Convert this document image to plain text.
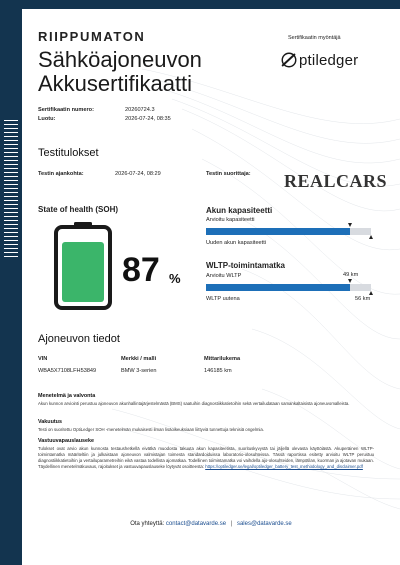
RIIPPUMATON
Sähköajoneuvon
Akkusertifikaatti
Sertifikaatin myöntäjä
ptiledger
Sertifikaatin numero:	20260724.3
Luotu:	2026-07-24, 08:35
Testitulokset
Testin ajankohta:	2026-07-24, 08:29	Testin suorittaja: REALCARS
State of health (SOH)
87 %
Akun kapasiteetti
Arvioitu kapasiteetti
Uuden akun kapasiteetti
WLTP-toimintamatka
Arvioitu WLTP	49 km
WLTP uutena	56 km
Ajoneuvon tiedot
VIN
WBA5X7108LFH53849
Merkki / malli
BMW 3-serien
Mittarilukema
146185 km
Menetelmä ja valvonta
Akun kunnon arviointi perustuu ajoneuvon akunhallintajärjestelmästä (BMS) saatuihin diagnostiikkatietoihin sekä vertailudataan samankaltaisista ajoneuvomalleista.
Vakuutus
Testi on suoritettu OptiLedger SOH -menetelmän mukaisesti ilman lisäoikeuksiaan liittyviä tunnettuja teknisiä ongelmia.
Vastuuvapauslauseke
Tulokset ovat arvio akun kunnosta testaushetkellä eivätkä muodosta takuuta akun kapasiteetista, suorituskyvystä tai jäljellä olevasta käyttöiästä. Akuperäinen WLTP-toimintamatka määriteltiin ja julkaistaan ajoneuvon valmistajan toimesta standardoiduissa laboratorio-olosuhteissa. Tässä raportissa esitetty arvioitu WLTP perustuu diagnostiikkatietoihin ja vertailuparametreihin eikä vastaa todellista ajomatkaa. Todellinen toimintamatka voi vaihdella ajo-olosuhteiden, lämpötilan, kuorman ja ajotavan mukaan. Täydellinen menetelmäkuvaus, rajoitukset ja vastuuvapauslauseke löytyvät osoitteesta: https://optiledger.se/legal/optiledger_battery_test_methodology_and_disclaimer.pdf
Ota yhteyttä: contact@datavarde.se | sales@datavarde.se
